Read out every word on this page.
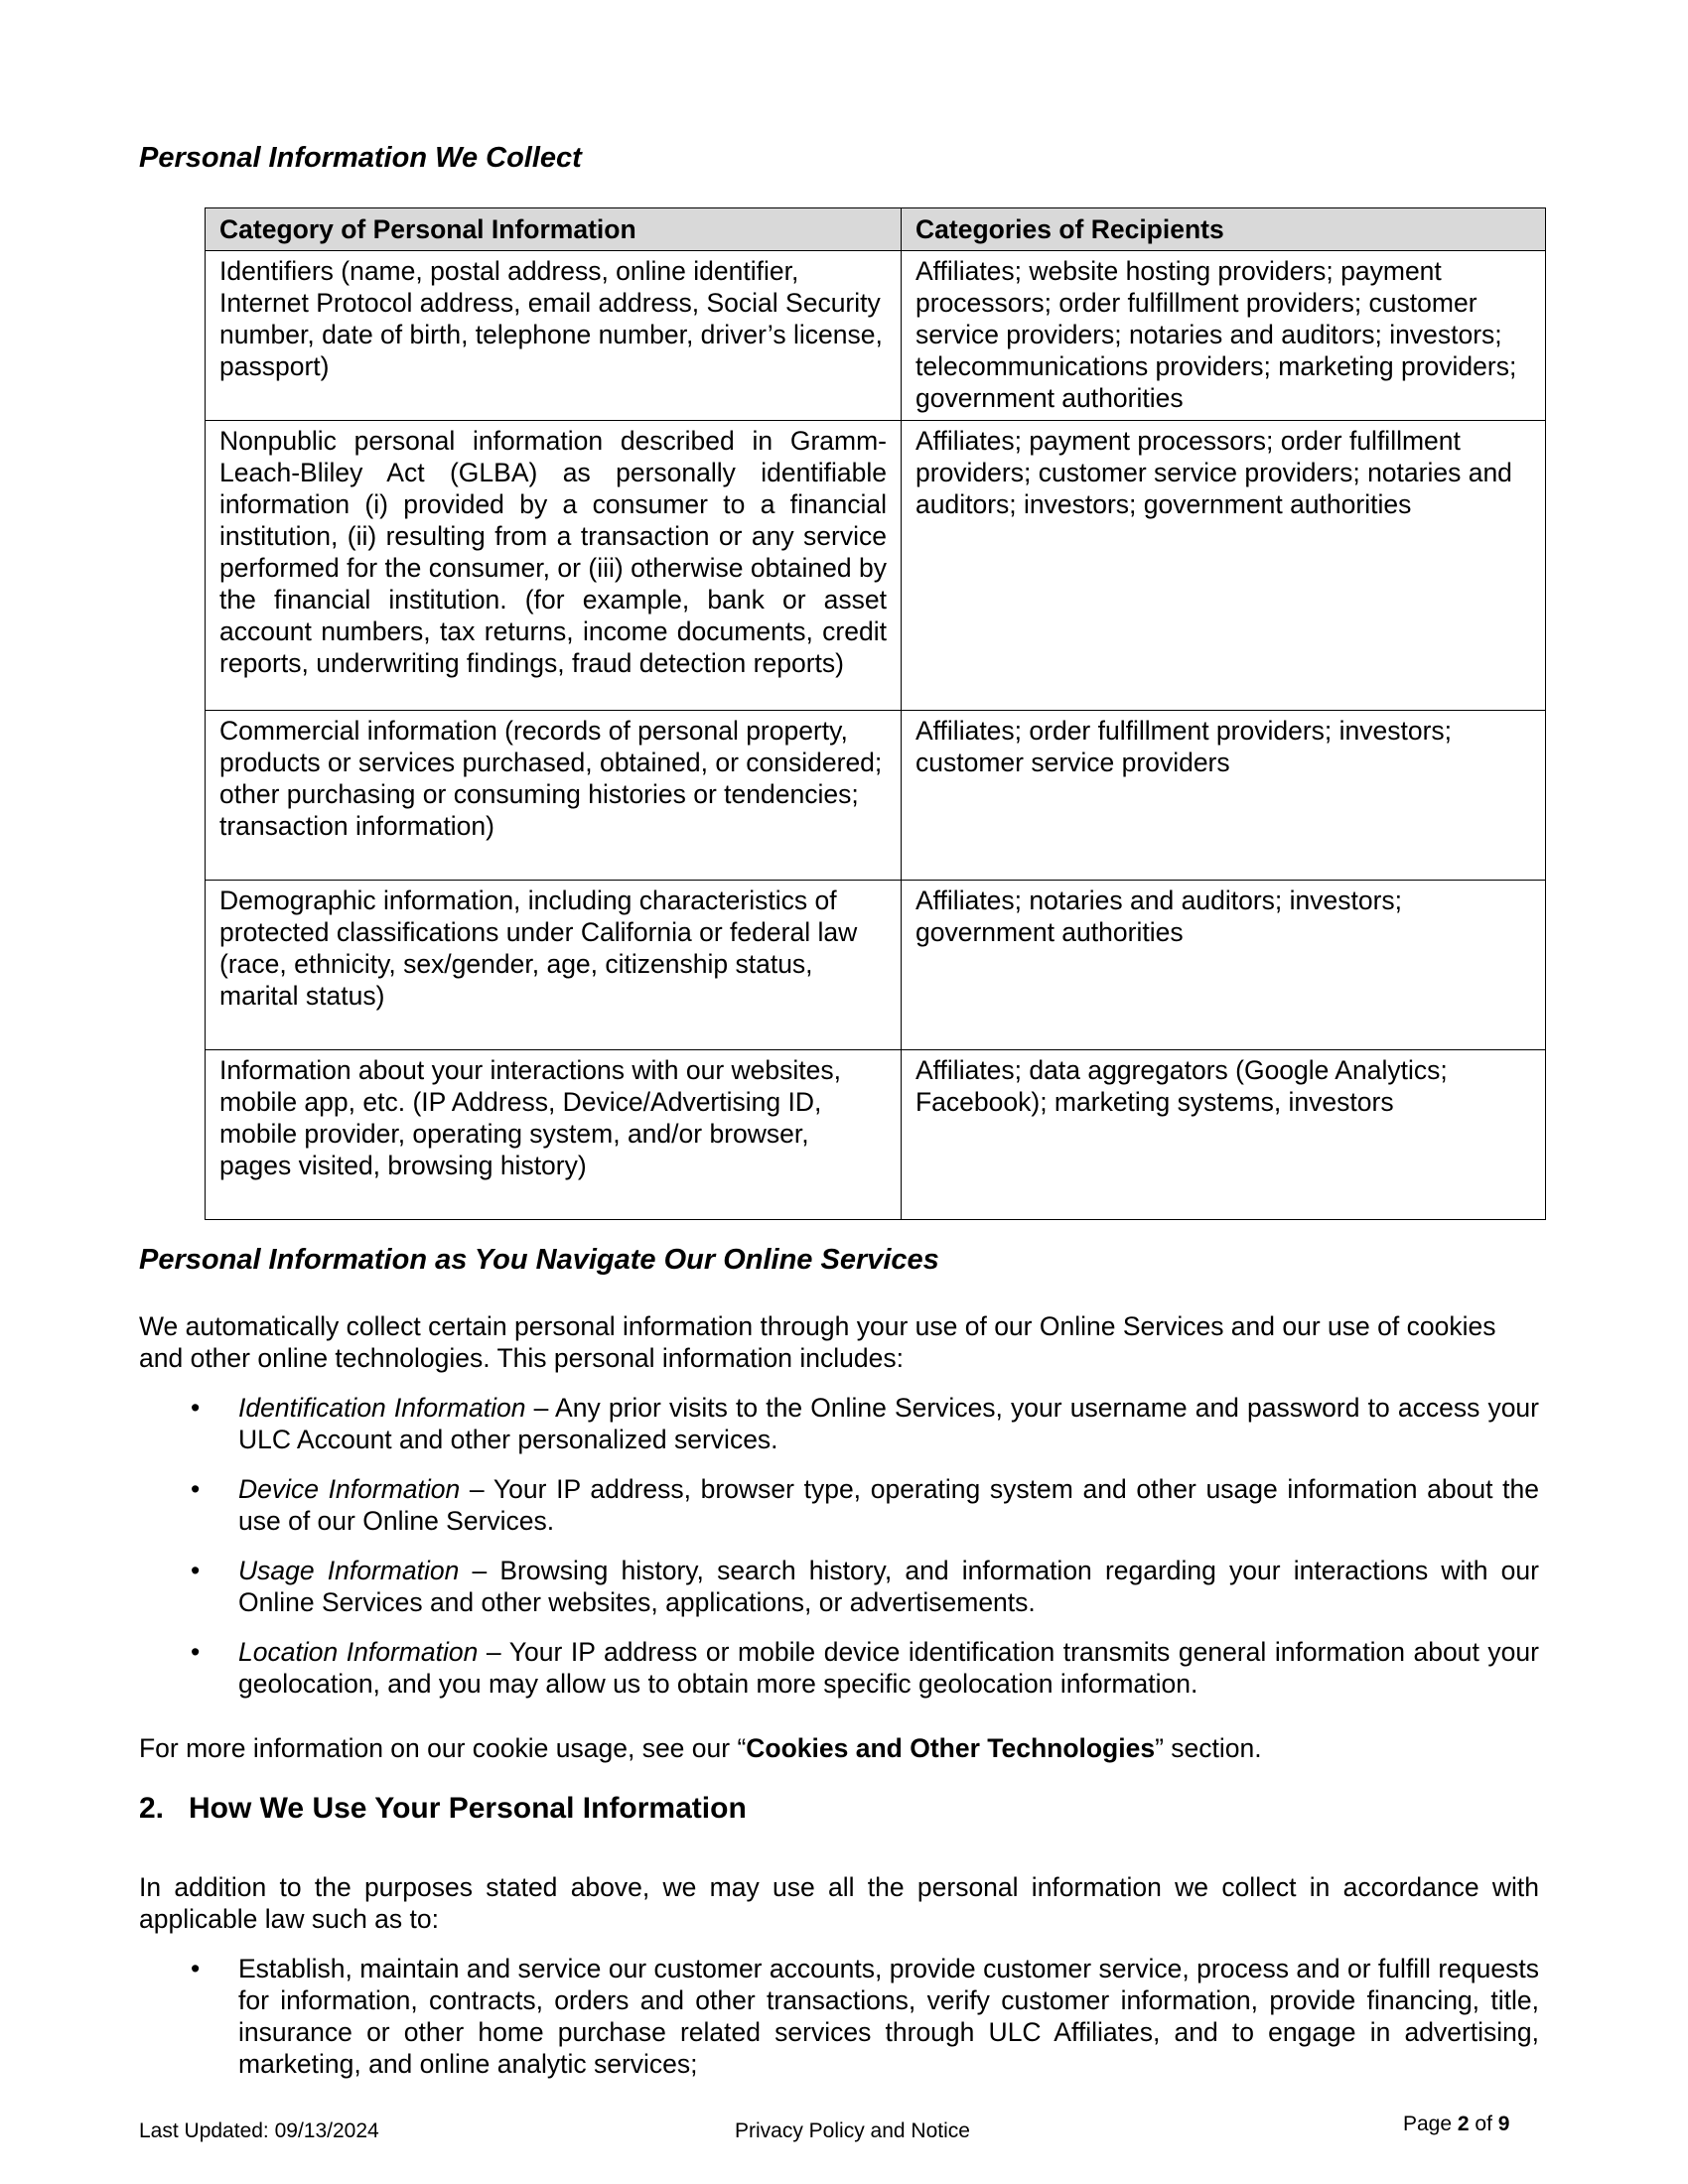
Personal Information We Collect
Category of Personal Information	Categories of Recipients
Identifiers (name, postal address, online identifier, Internet Protocol address, email address, Social Security number, date of birth, telephone number, driver’s license, passport)	Affiliates; website hosting providers; payment processors; order fulfillment providers; customer service providers; notaries and auditors; investors; telecommunications providers; marketing providers; government authorities
Nonpublic personal information described in Gramm-Leach-Bliley Act (GLBA) as personally identifiable information (i) provided by a consumer to a financial institution, (ii) resulting from a transaction or any service performed for the consumer, or (iii) otherwise obtained by the financial institution. (for example, bank or asset account numbers, tax returns, income documents, credit reports, underwriting findings, fraud detection reports)	Affiliates; payment processors; order fulfillment providers; customer service providers; notaries and auditors; investors; government authorities
Commercial information (records of personal property, products or services purchased, obtained, or considered; other purchasing or consuming histories or tendencies; transaction information)	Affiliates; order fulfillment providers; investors; customer service providers
Demographic information, including characteristics of protected classifications under California or federal law (race, ethnicity, sex/gender, age, citizenship status, marital status)	Affiliates; notaries and auditors; investors; government authorities
Information about your interactions with our websites, mobile app, etc. (IP Address, Device/Advertising ID, mobile provider, operating system, and/or browser, pages visited, browsing history)	Affiliates; data aggregators (Google Analytics; Facebook); marketing systems, investors
Personal Information as You Navigate Our Online Services

We automatically collect certain personal information through your use of our Online Services and our use of cookies and other online technologies. This personal information includes:

• Identification Information – Any prior visits to the Online Services, your username and password to access your ULC Account and other personalized services.
• Device Information – Your IP address, browser type, operating system and other usage information about the use of our Online Services.
• Usage Information – Browsing history, search history, and information regarding your interactions with our Online Services and other websites, applications, or advertisements.
• Location Information – Your IP address or mobile device identification transmits general information about your geolocation, and you may allow us to obtain more specific geolocation information.

For more information on our cookie usage, see our “Cookies and Other Technologies” section.

2. How We Use Your Personal Information

In addition to the purposes stated above, we may use all the personal information we collect in accordance with applicable law such as to:

• Establish, maintain and service our customer accounts, provide customer service, process and or fulfill requests for information, contracts, orders and other transactions, verify customer information, provide financing, title, insurance or other home purchase related services through ULC Affiliates, and to engage in advertising, marketing, and online analytic services;
Last Updated: 09/13/2024	Privacy Policy and Notice	Page 2 of 9
